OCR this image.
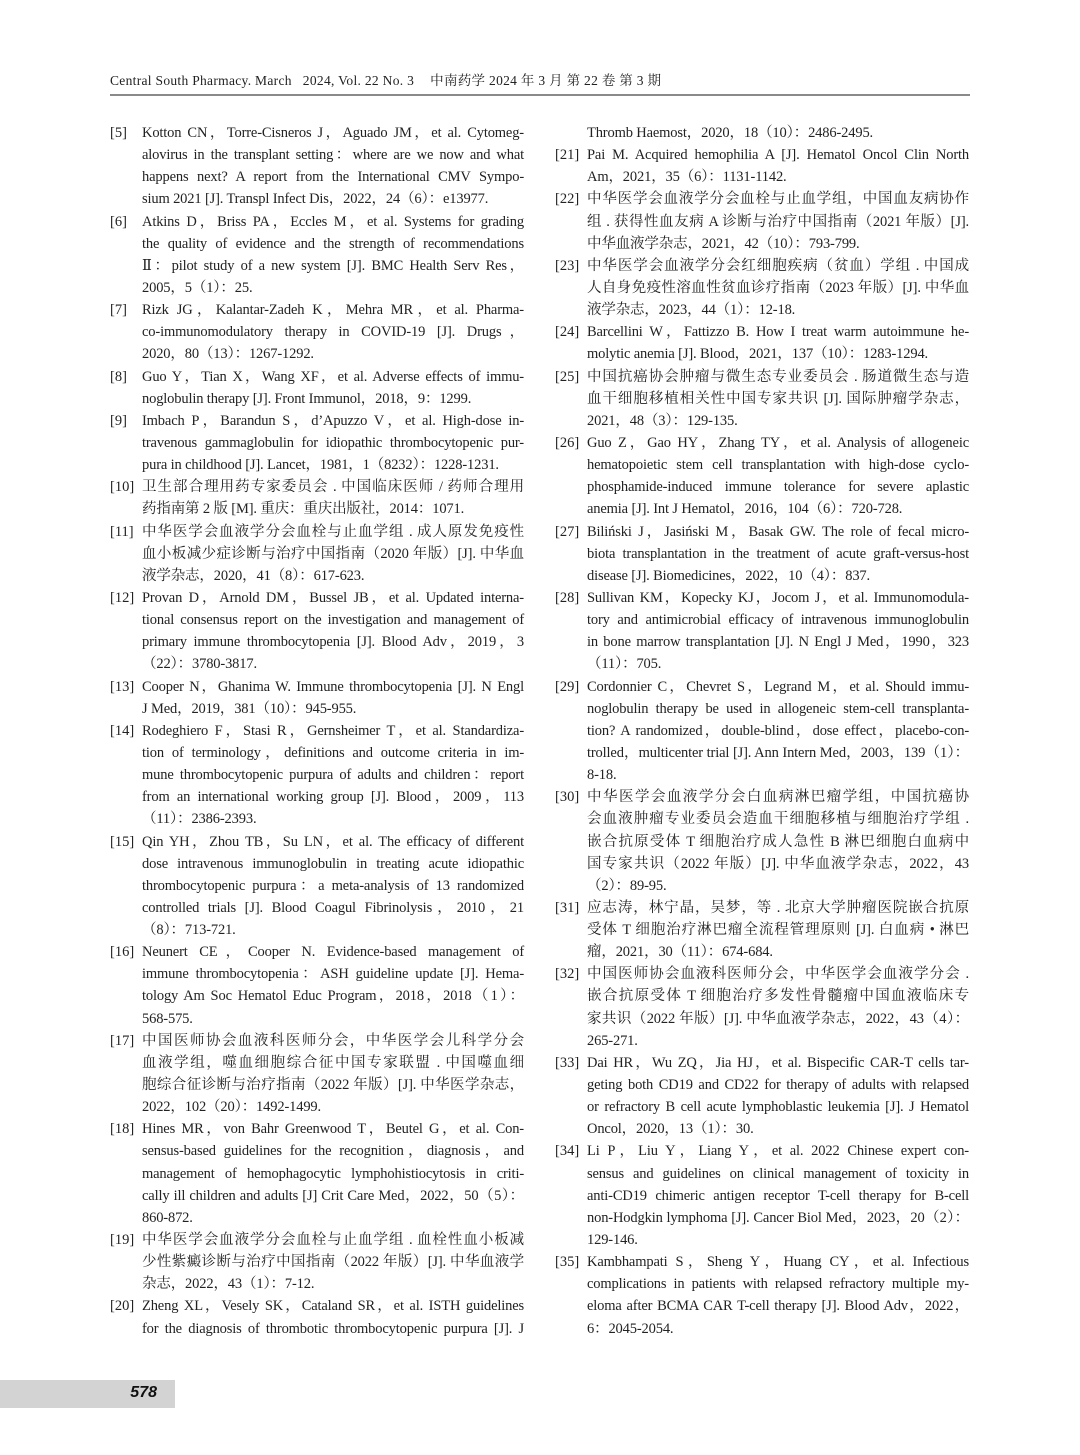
Central South Pharmacy. March   2024, Vol. 22 No. 3 中南药学 2024 年 3 月 第 22 卷 第 3 期
[5] Kotton CN，Torre-Cisneros J，Aguado JM，et al. Cytomeg-
alovirus in the transplant setting：where are we now and what
happens next? A report from the International CMV Sympo-
sium 2021 [J]. Transpl Infect Dis，2022，24（6）：e13977.
[6] Atkins D，Briss PA，Eccles M，et al. Systems for grading
the quality of evidence and the strength of recommendations
Ⅱ：pilot study of a new system [J]. BMC Health Serv Res，
2005，5（1）：25.
[7] Rizk JG，Kalantar-Zadeh K，Mehra MR，et al. Pharma-
co-immunomodulatory therapy in COVID-19 [J]. Drugs，
2020，80（13）：1267-1292.
[8] Guo Y，Tian X，Wang XF，et al. Adverse effects of immu-
noglobulin therapy [J]. Front Immunol，2018，9：1299.
[9] Imbach P，Barandun S，d’Apuzzo V，et al. High-dose in-
travenous gammaglobulin for idiopathic thrombocytopenic pur-
pura in childhood [J]. Lancet，1981，1（8232）：1228-1231.
[10] 卫生部合理用药专家委员会 . 中国临床医师 / 药师合理用
药指南第 2 版 [M]. 重庆：重庆出版社，2014：1071.
[11] 中华医学会血液学分会血栓与止血学组 . 成人原发免疫性
血小板减少症诊断与治疗中国指南（2020 年版）[J]. 中华血
液学杂志，2020，41（8）：617-623.
[12] Provan D，Arnold DM，Bussel JB，et al. Updated interna-
tional consensus report on the investigation and management of
primary immune thrombocytopenia [J]. Blood Adv，2019，3
（22）：3780-3817.
[13] Cooper N，Ghanima W. Immune thrombocytopenia [J]. N Engl
J Med，2019，381（10）：945-955.
[14] Rodeghiero F，Stasi R，Gernsheimer T，et al. Standardiza-
tion of terminology，definitions and outcome criteria in im-
mune thrombocytopenic purpura of adults and children：report
from an international working group [J]. Blood，2009，113
（11）：2386-2393.
[15] Qin YH，Zhou TB，Su LN，et al. The efficacy of different
dose intravenous immunoglobulin in treating acute idiopathic
thrombocytopenic purpura：a meta-analysis of 13 randomized
controlled trials [J]. Blood Coagul Fibrinolysis，2010，21
（8）：713-721.
[16] Neunert CE，Cooper N. Evidence-based management of
immune thrombocytopenia：ASH guideline update [J]. Hema-
tology Am Soc Hematol Educ Program，2018，2018（1）：
568-575.
[17] 中国医师协会血液科医师分会，中华医学会儿科学分会
血液学组，噬血细胞综合征中国专家联盟 . 中国噬血细
胞综合征诊断与治疗指南（2022 年版）[J]. 中华医学杂志，
2022，102（20）：1492-1499.
[18] Hines MR，von Bahr Greenwood T，Beutel G，et al. Con-
sensus-based guidelines for the recognition，diagnosis，and
management of hemophagocytic lymphohistiocytosis in criti-
cally ill children and adults [J] Crit Care Med，2022，50（5）：
860-872.
[19] 中华医学会血液学分会血栓与止血学组 . 血栓性血小板减
少性紫癜诊断与治疗中国指南（2022 年版）[J]. 中华血液学
杂志，2022，43（1）：7-12.
[20] Zheng XL，Vesely SK，Cataland SR，et al. ISTH guidelines
for the diagnosis of thrombotic thrombocytopenic purpura [J]. J
Thromb Haemost，2020，18（10）：2486-2495.
[21] Pai M. Acquired hemophilia A [J]. Hematol Oncol Clin North
Am，2021，35（6）：1131-1142.
[22] 中华医学会血液学分会血栓与止血学组，中国血友病协作
组 . 获得性血友病 A 诊断与治疗中国指南（2021 年版）[J].
中华血液学杂志，2021，42（10）：793-799.
[23] 中华医学会血液学分会红细胞疾病（贫血）学组 . 中国成
人自身免疫性溶血性贫血诊疗指南（2023 年版）[J]. 中华血
液学杂志，2023，44（1）：12-18.
[24] Barcellini W，Fattizzo B. How I treat warm autoimmune he-
molytic anemia [J]. Blood，2021，137（10）：1283-1294.
[25] 中国抗癌协会肿瘤与微生态专业委员会 . 肠道微生态与造
血干细胞移植相关性中国专家共识 [J]. 国际肿瘤学杂志，
2021，48（3）：129-135.
[26] Guo Z，Gao HY，Zhang TY，et al. Analysis of allogeneic
hematopoietic stem cell transplantation with high-dose cyclo-
phosphamide-induced immune tolerance for severe aplastic
anemia [J]. Int J Hematol，2016，104（6）：720-728.
[27] Biliński J，Jasiński M，Basak GW. The role of fecal micro-
biota transplantation in the treatment of acute graft-versus-host
disease [J]. Biomedicines，2022，10（4）：837.
[28] Sullivan KM，Kopecky KJ，Jocom J，et al. Immunomodula-
tory and antimicrobial efficacy of intravenous immunoglobulin
in bone marrow transplantation [J]. N Engl J Med，1990，323
（11）：705.
[29] Cordonnier C，Chevret S，Legrand M，et al. Should immu-
noglobulin therapy be used in allogeneic stem-cell transplanta-
tion? A randomized，double-blind，dose effect，placebo-con-
trolled，multicenter trial [J]. Ann Intern Med，2003，139（1）：
8-18.
[30] 中华医学会血液学分会白血病淋巴瘤学组，中国抗癌协
会血液肿瘤专业委员会造血干细胞移植与细胞治疗学组 .
嵌合抗原受体 T 细胞治疗成人急性 B 淋巴细胞白血病中
国专家共识（2022 年版）[J]. 中华血液学杂志，2022，43
（2）：89-95.
[31] 应志涛，林宁晶，吴梦，等 . 北京大学肿瘤医院嵌合抗原
受体 T 细胞治疗淋巴瘤全流程管理原则 [J]. 白血病 • 淋巴
瘤，2021，30（11）：674-684.
[32] 中国医师协会血液科医师分会，中华医学会血液学分会 .
嵌合抗原受体 T 细胞治疗多发性骨髓瘤中国血液临床专
家共识（2022 年版）[J]. 中华血液学杂志，2022，43（4）：
265-271.
[33] Dai HR，Wu ZQ，Jia HJ，et al. Bispecific CAR-T cells tar-
geting both CD19 and CD22 for therapy of adults with relapsed
or refractory B cell acute lymphoblastic leukemia [J]. J Hematol
Oncol，2020，13（1）：30.
[34] Li P，Liu Y，Liang Y，et al. 2022 Chinese expert con-
sensus and guidelines on clinical management of toxicity in
anti-CD19 chimeric antigen receptor T-cell therapy for B-cell
non-Hodgkin lymphoma [J]. Cancer Biol Med，2023，20（2）：
129-146.
[35] Kambhampati S，Sheng Y，Huang CY，et al. Infectious
complications in patients with relapsed refractory multiple my-
eloma after BCMA CAR T-cell therapy [J]. Blood Adv，2022，
6：2045-2054.
578
